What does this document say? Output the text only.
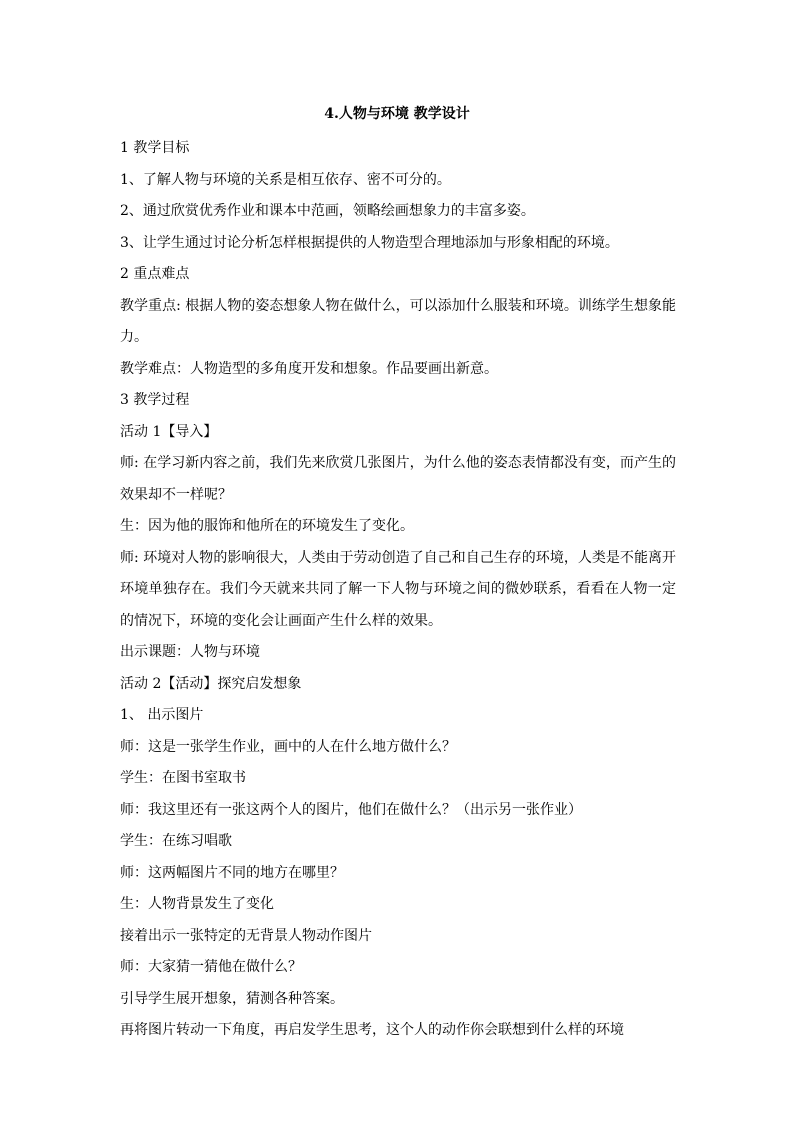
4.人物与环境 教学设计

1 教学目标

1、了解人物与环境的关系是相互依存、密不可分的。

2、通过欣赏优秀作业和课本中范画，领略绘画想象力的丰富多姿。

3、让学生通过讨论分析怎样根据提供的人物造型合理地添加与形象相配的环境。

2 重点难点

教学重点: 根据人物的姿态想象人物在做什么，可以添加什么服装和环境。训练学生想象能力。

教学难点：人物造型的多角度开发和想象。作品要画出新意。

3 教学过程

活动 1【导入】

师: 在学习新内容之前，我们先来欣赏几张图片，为什么他的姿态表情都没有变，而产生的效果却不一样呢？

生：因为他的服饰和他所在的环境发生了变化。

师: 环境对人物的影响很大，人类由于劳动创造了自己和自己生存的环境，人类是不能离开环境单独存在。我们今天就来共同了解一下人物与环境之间的微妙联系，看看在人物一定的情况下，环境的变化会让画面产生什么样的效果。

出示课题：人物与环境

活动 2【活动】探究启发想象

1、 出示图片

师：这是一张学生作业，画中的人在什么地方做什么？

学生：在图书室取书

师：我这里还有一张这两个人的图片，他们在做什么？（出示另一张作业）

学生：在练习唱歌

师：这两幅图片不同的地方在哪里？

生：人物背景发生了变化

接着出示一张特定的无背景人物动作图片

师：大家猜一猜他在做什么？

引导学生展开想象，猜测各种答案。

再将图片转动一下角度，再启发学生思考，这个人的动作你会联想到什么样的环境
